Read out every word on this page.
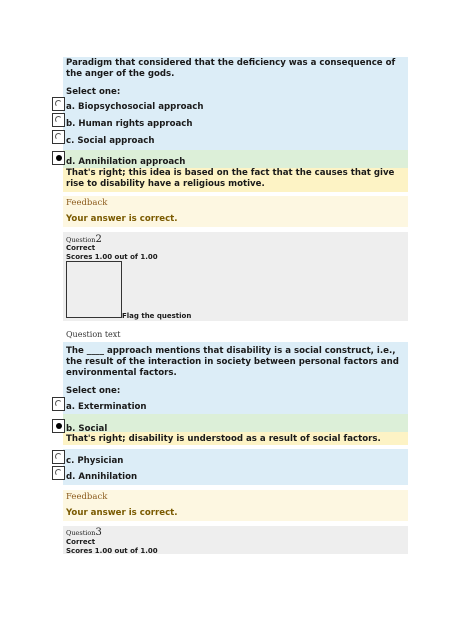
Paradigm that considered that the deficiency was a consequence of the anger of the gods.
Select one:
a. Biopsychosocial approach
b. Human rights approach
c. Social approach
d. Annihilation approach
That's right; this idea is based on the fact that the causes that give rise to disability have a religious motive.
Feedback
Your answer is correct.
Question2
Correct
Scores 1.00 out of 1.00
Flag the question
Question text
The ____ approach mentions that disability is a social construct, i.e., the result of the interaction in society between personal factors and environmental factors.
Select one:
a. Extermination
b. Social
That's right; disability is understood as a result of social factors.
c. Physician
d. Annihilation
Feedback
Your answer is correct.
Question3
Correct
Scores 1.00 out of 1.00
